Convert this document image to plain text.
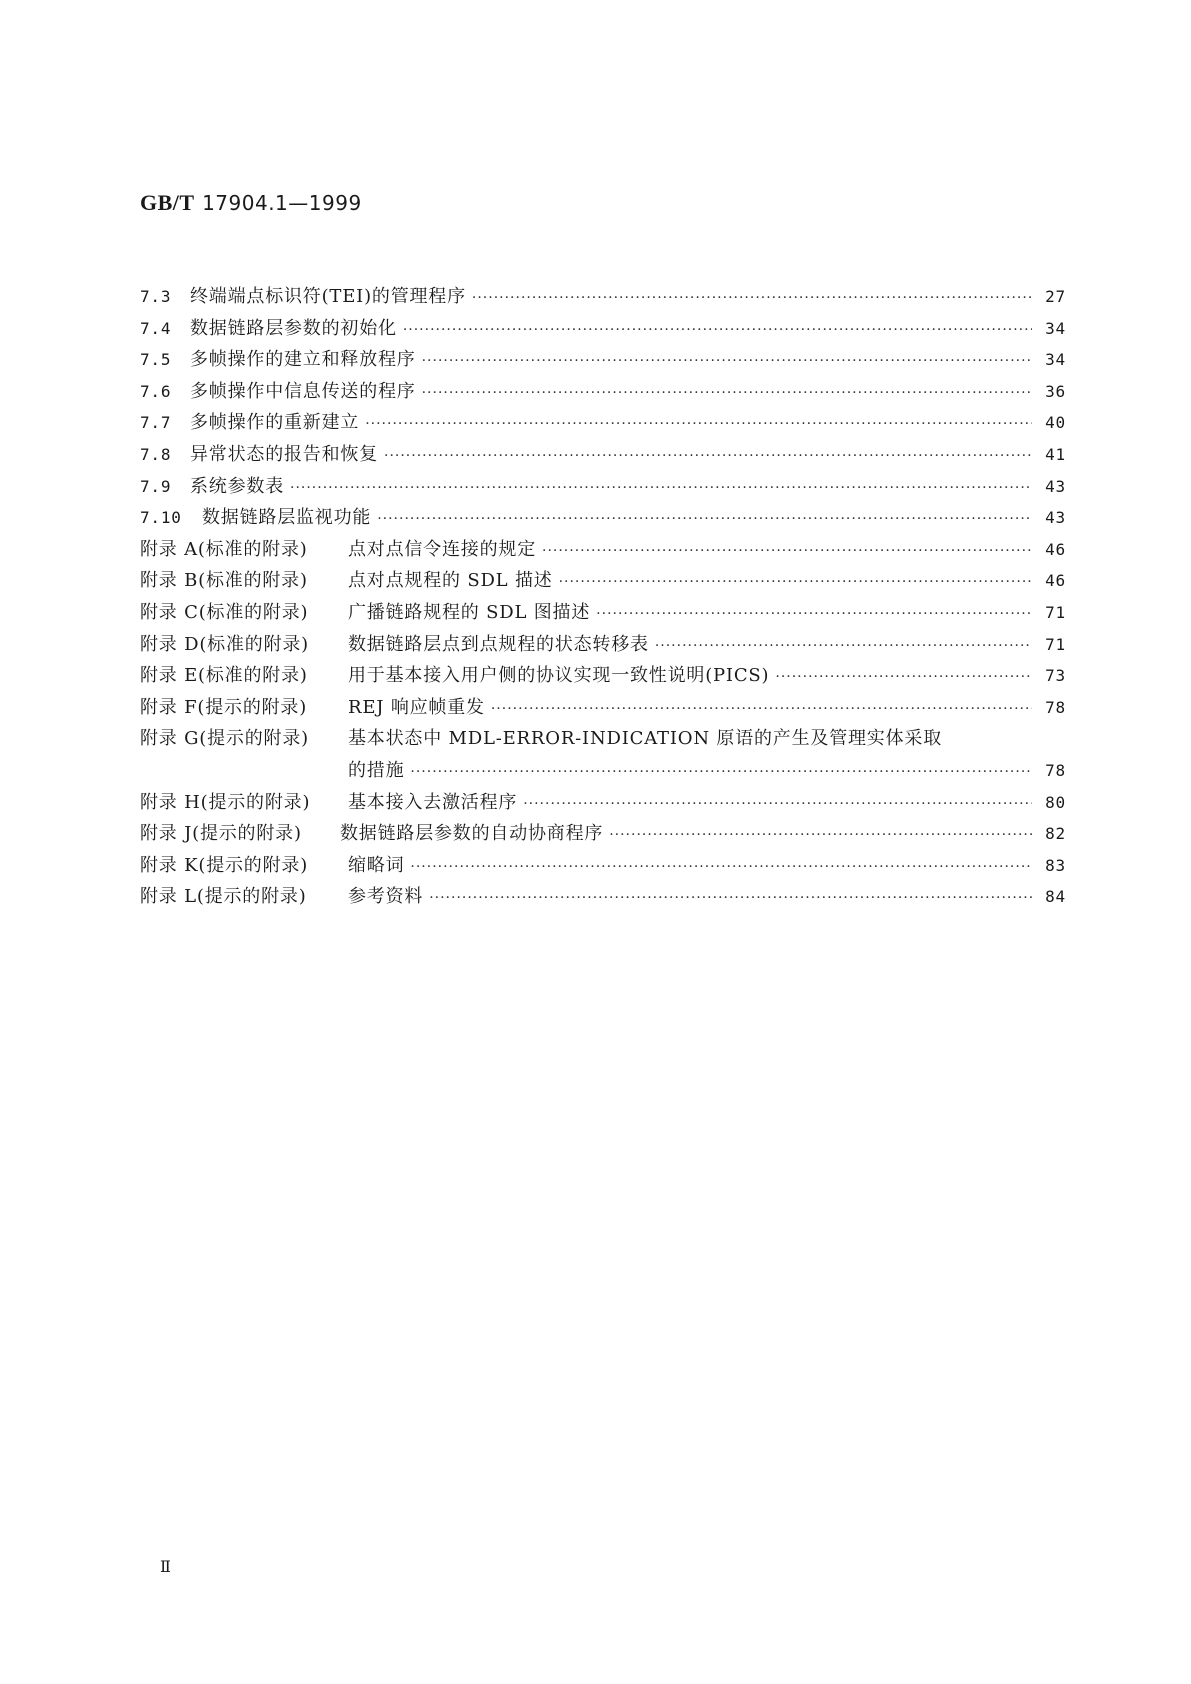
GB/T 17904.1—1999
7.3	终端端点标识符(TEI)的管理程序 ·····	27
7.4	数据链路层参数的初始化 ·····	34
7.5	多帧操作的建立和释放程序 ·····	34
7.6	多帧操作中信息传送的程序 ·····	36
7.7	多帧操作的重新建立 ·····	40
7.8	异常状态的报告和恢复 ·····	41
7.9	系统参数表 ·····	43
7.10	数据链路层监视功能 ·····	43
附录 A(标准的附录)	点对点信令连接的规定 ·····	46
附录 B(标准的附录)	点对点规程的 SDL 描述 ·····	46
附录 C(标准的附录)	广播链路规程的 SDL 图描述 ·····	71
附录 D(标准的附录)	数据链路层点到点规程的状态转移表 ·····	71
附录 E(标准的附录)	用于基本接入用户侧的协议实现一致性说明(PICS) ·····	73
附录 F(提示的附录)	REJ 响应帧重发 ·····	78
附录 G(提示的附录)	基本状态中 MDL-ERROR-INDICATION 原语的产生及管理实体采取
的措施 ·····	78
附录 H(提示的附录)	基本接入去激活程序 ·····	80
附录 J(提示的附录)	数据链路层参数的自动协商程序 ·····	82
附录 K(提示的附录)	缩略词 ·····	83
附录 L(提示的附录)	参考资料 ·····	84
Ⅱ
